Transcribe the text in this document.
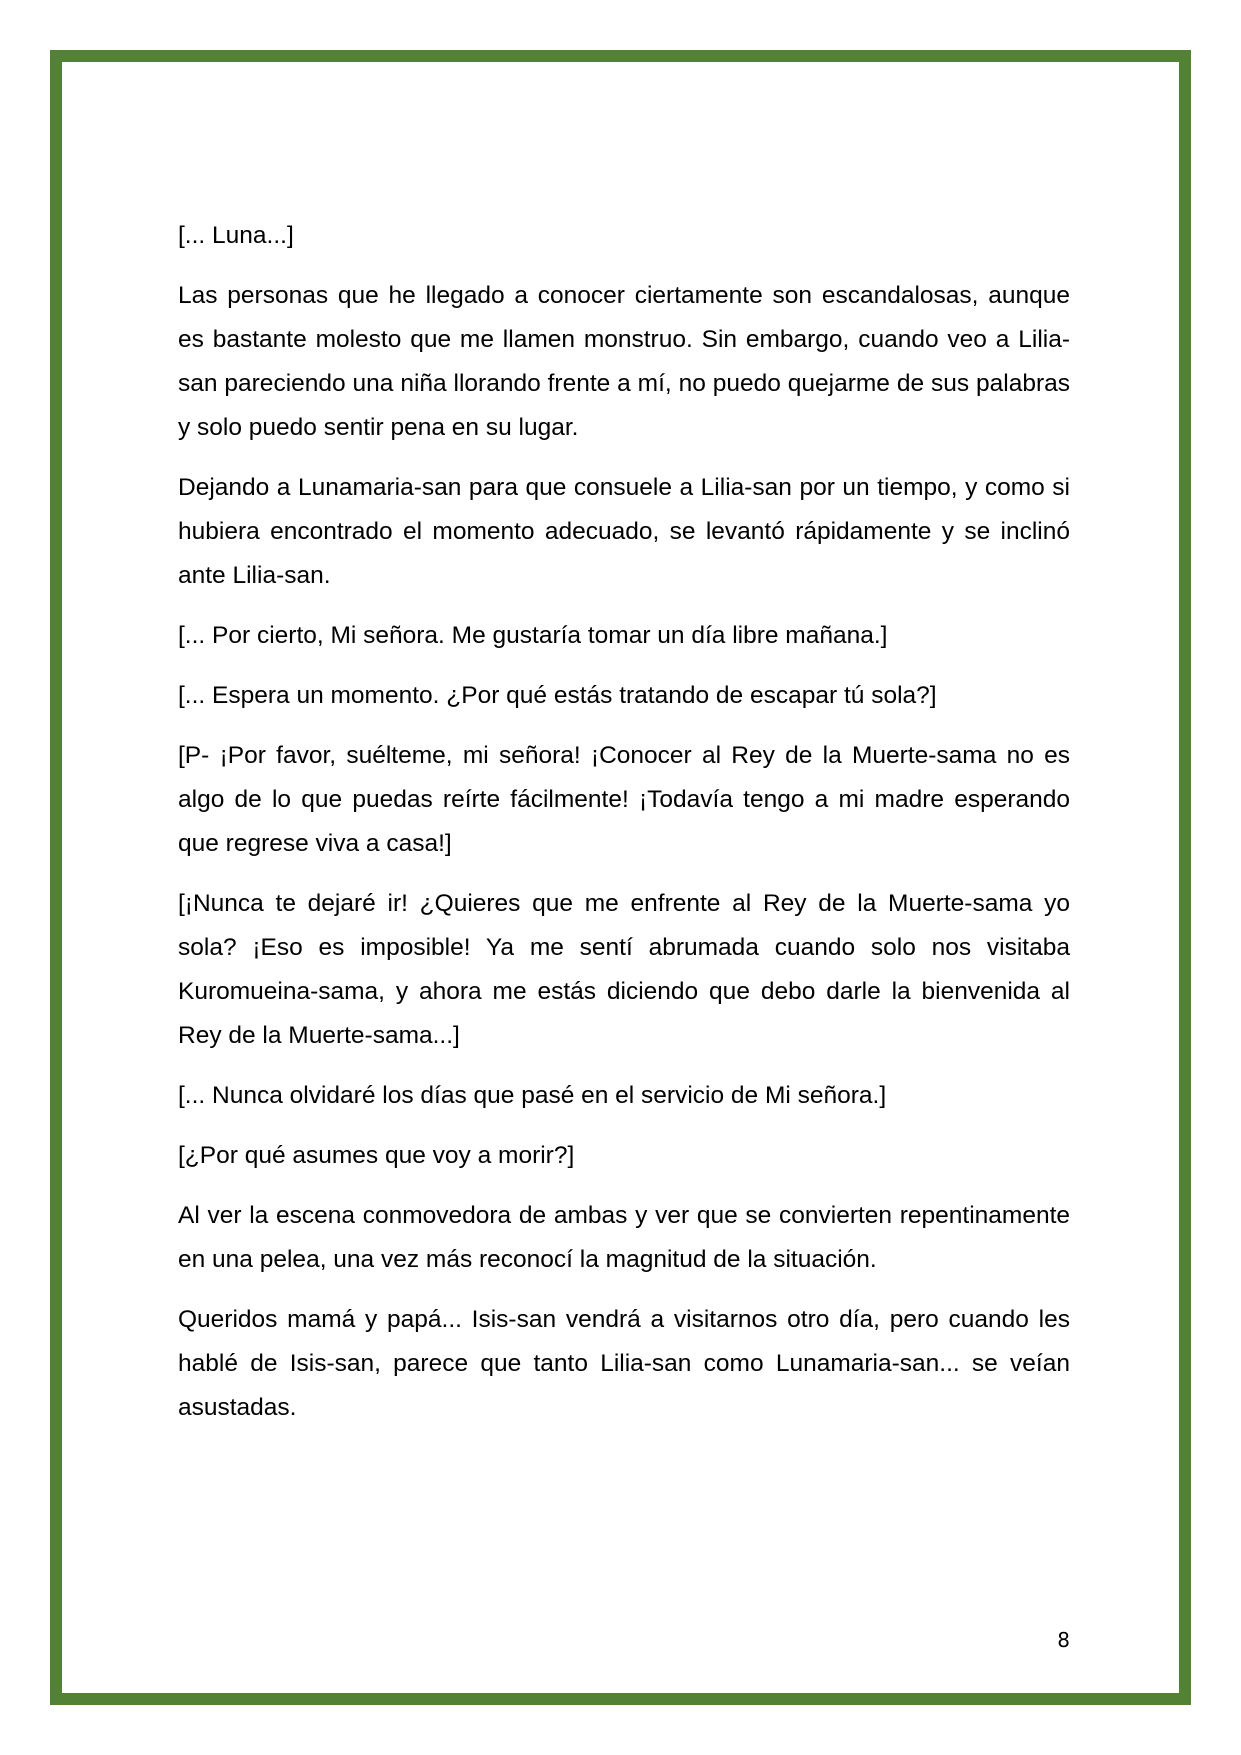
[... Luna...]

Las personas que he llegado a conocer ciertamente son escandalosas, aunque es bastante molesto que me llamen monstruo. Sin embargo, cuando veo a Lilia-san pareciendo una niña llorando frente a mí, no puedo quejarme de sus palabras y solo puedo sentir pena en su lugar.

Dejando a Lunamaria-san para que consuele a Lilia-san por un tiempo, y como si hubiera encontrado el momento adecuado, se levantó rápidamente y se inclinó ante Lilia-san.

[... Por cierto, Mi señora. Me gustaría tomar un día libre mañana.]

[... Espera un momento. ¿Por qué estás tratando de escapar tú sola?]

[P- ¡Por favor, suélteme, mi señora! ¡Conocer al Rey de la Muerte-sama no es algo de lo que puedas reírte fácilmente! ¡Todavía tengo a mi madre esperando que regrese viva a casa!]

[¡Nunca te dejaré ir! ¿Quieres que me enfrente al Rey de la Muerte-sama yo sola? ¡Eso es imposible! Ya me sentí abrumada cuando solo nos visitaba Kuromueina-sama, y ahora me estás diciendo que debo darle la bienvenida al Rey de la Muerte-sama...]

[... Nunca olvidaré los días que pasé en el servicio de Mi señora.]

[¿Por qué asumes que voy a morir?]

Al ver la escena conmovedora de ambas y ver que se convierten repentinamente en una pelea, una vez más reconocí la magnitud de la situación.

Queridos mamá y papá... Isis-san vendrá a visitarnos otro día, pero cuando les hablé de Isis-san, parece que tanto Lilia-san como Lunamaria-san... se veían asustadas.

8
